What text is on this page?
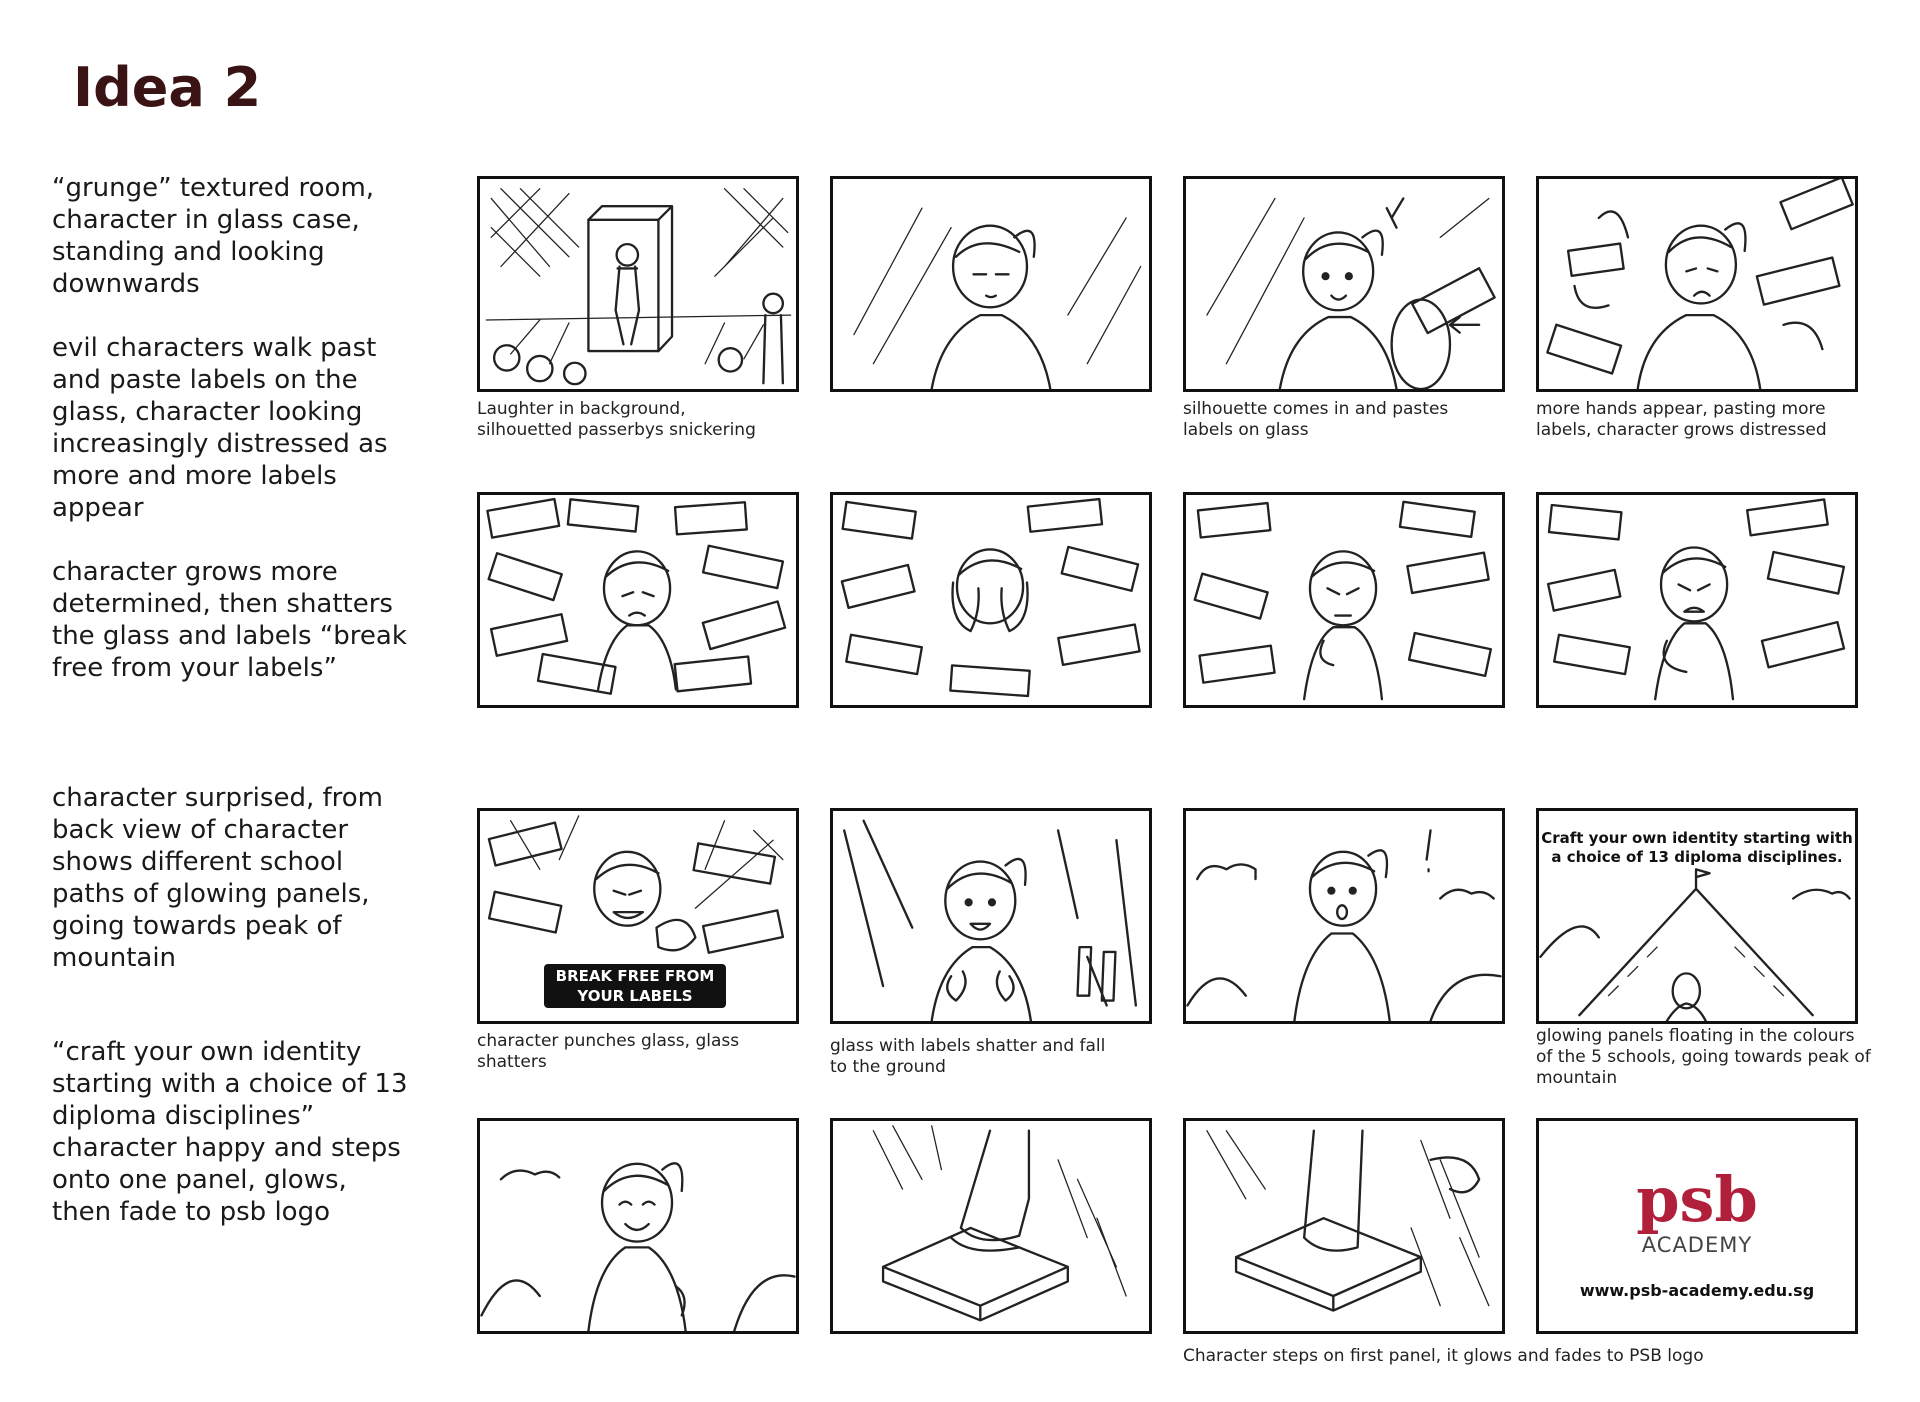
Idea 2

“grunge” textured room,
character in glass case,
standing and looking
downwards

evil characters walk past
and paste labels on the
glass, character looking
increasingly distressed as
more and more labels
appear

character grows more
determined, then shatters
the glass and labels “break
free from your labels”

character surprised, from
back view of character
shows different school
paths of glowing panels,
going towards peak of
mountain

“craft your own identity
starting with a choice of 13
diploma disciplines”
character happy and steps
onto one panel, glows,
then fade to psb logo

Laughter in background,
silhouetted passerbys snickering

silhouette comes in and pastes
labels on glass

more hands appear, pasting more
labels, character grows distressed

BREAK FREE FROM
YOUR LABELS

character punches glass, glass
shatters

glass with labels shatter and fall
to the ground

Craft your own identity starting with
a choice of 13 diploma disciplines.

glowing panels floating in the colours
of the 5 schools, going towards peak of
mountain

Character steps on first panel, it glows and fades to PSB logo

psb
ACADEMY
www.psb-academy.edu.sg
